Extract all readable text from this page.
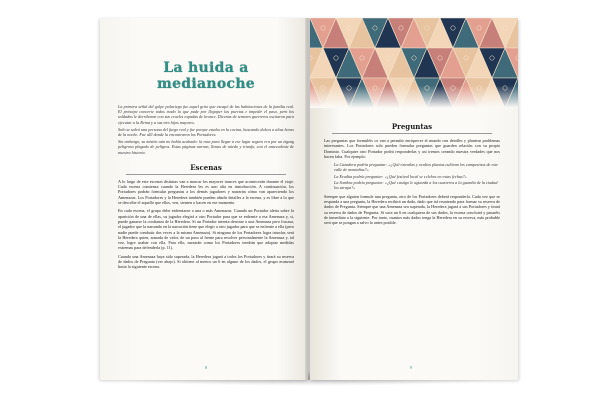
La huida a medianoche

La primera señal del golpe palaciego fue aquel grito que escapó de las habitaciones de la familia real. El principe concerte todos trado la que pude por llegaper las puertas e impedir el paso, pero los soldados le derribaron con sus crueles espadas de bronce. Dicenas de temores guerreros oscitaron para ejecutar a la Reina y a sus tres hijos mayores.

Solo se salvó una persona del fuego real y fue porque estaba en la cocina, buscando dulces a altas horas de la noche. Fue allí donde la encontraron los Portadores.

Sin embargo, su misión aún no había acabado: la ruta para llegar a ese lugar seguro era por un zigzag peligroso plagado de peligros. Estas páginas narran, llenas de miedo y triunfo, con el antecedente de nuestra historia.

Escenas

A lo largo de este escenas distintas van a marcar los mayores trances que acontecerán durante el viaje. Cada escena comienza cuando la Heredera les es uno alta en introducción. A continuación, los Portadores podrán formular preguntas a los demás jugadores y narrarán cómo van apareciendo los Amenazas. Los Portadores y la Heredera también pueden añadir detalles a la escena, y es libre a lo que se describe el aquello que ellos, ven, sienten o hacen en ese momento.

En cada escena, el grupo debe enfrentarse a una o más Amenazas. Cuando un Portador alerta sobre la aparición de una de ellas, su jugador elegirá a otro Portador para que se enfrente a esa Amenaza y, si, puede ganarse la confianza de la Heredera. Si un Portador intenta derrotar a una Amenaza pero fracasa, el jugador que la narrando en la narración tiene que elegir a otro jugador para que se enfrente a ella (pero nadie puede combatir dos veces a la misma Amenaza). Si ninguno de los Portadores logra triunfar, será la Heredera quien, armada de valor, de un paso al frente para resolver personalmente la Amenaza y, tal vez, logre acabar con ella. Para ello, narrarán como los Portadores tendrán que adoptar medidas extremas para defenderla (p. 11).

Cuando una Amenaza haya sido superada, la Heredera jugará a todos los Portadores y tirará su reserva de dados de Pregunta (ver abajo). Si obtiene al menos un 6 en alguno de los dados, el grupo avanzará hasta la siguiente escena.

8
Preguntas

Las preguntas que formuléis os van a permitir enriquecer el mundo con detalles y plantear problemas interesantes. Los Portadores solo pueden formular preguntas que guarden relación con su propio Dominio. Cualquier otro Portador podrá responderlas y así iremos creando nuestra verdades que nos hacen falta. Por ejemplo:

La Cazadora podría preguntar: «¿Qué extrañas y ocultos plantas cultivan los campesinos de este valle de montañas?»

La Erudita podría preguntar: «¿Qué festival local se celebra en estas fechas?»

La Sombra podría preguntar: «¿Qué castigo le aguarda a los cuatreros a la guardia de la ciudad los atrapa?»

Siempre que alguien formule una pregunta, otro de los Portadores deberá responderla. Cada vez que se responda a una pregunta, la Heredera recibirá un dado, dado que irá reuniendo para formar su reserva de dados de Pregunta. Siempre que una Amenaza sea superada, la Heredera jugará a sus Portadores y tirará su reserva de dados de Pregunta. Si saca un 6 en cualquiera de sus dados, la escena concluirá y pasaréis de inmediato a la siguiente. Por tanto, cuantos más dados tenga la Heredera en su reserva, más probable será que se pongan a salvo lo antes posible.

9
